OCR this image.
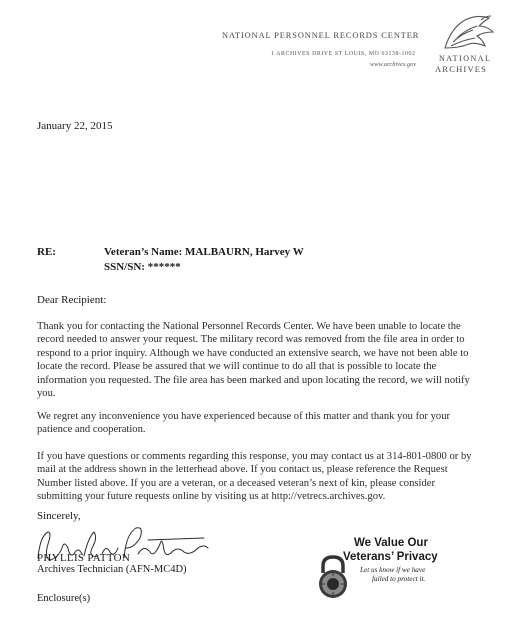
NATIONAL PERSONNEL RECORDS CENTER
1 ARCHIVES DRIVE ST LOUIS, MO 63138-1002
www.archives.gov
NATIONAL
ARCHIVES
January 22, 2015
RE:	Veteran’s Name: MALBAURN, Harvey W
SSN/SN: ******
Dear Recipient:
Thank you for contacting the National Personnel Records Center. We have been unable to locate the record needed to answer your request. The military record was removed from the file area in order to respond to a prior inquiry. Although we have conducted an extensive search, we have not been able to locate the record. Please be assured that we will continue to do all that is possible to locate the information you requested. The file area has been marked and upon locating the record, we will notify you.
We regret any inconvenience you have experienced because of this matter and thank you for your patience and cooperation.
If you have questions or comments regarding this response, you may contact us at 314-801-0800 or by mail at the address shown in the letterhead above. If you contact us, please reference the Request Number listed above. If you are a veteran, or a deceased veteran’s next of kin, please consider submitting your future requests online by visiting us at http://vetrecs.archives.gov.
Sincerely,
PHYLLIS PATTON
Archives Technician (AFN-MC4D)
Enclosure(s)
We Value Our
Veterans’ Privacy
Let us know if we have
failed to protect it.
